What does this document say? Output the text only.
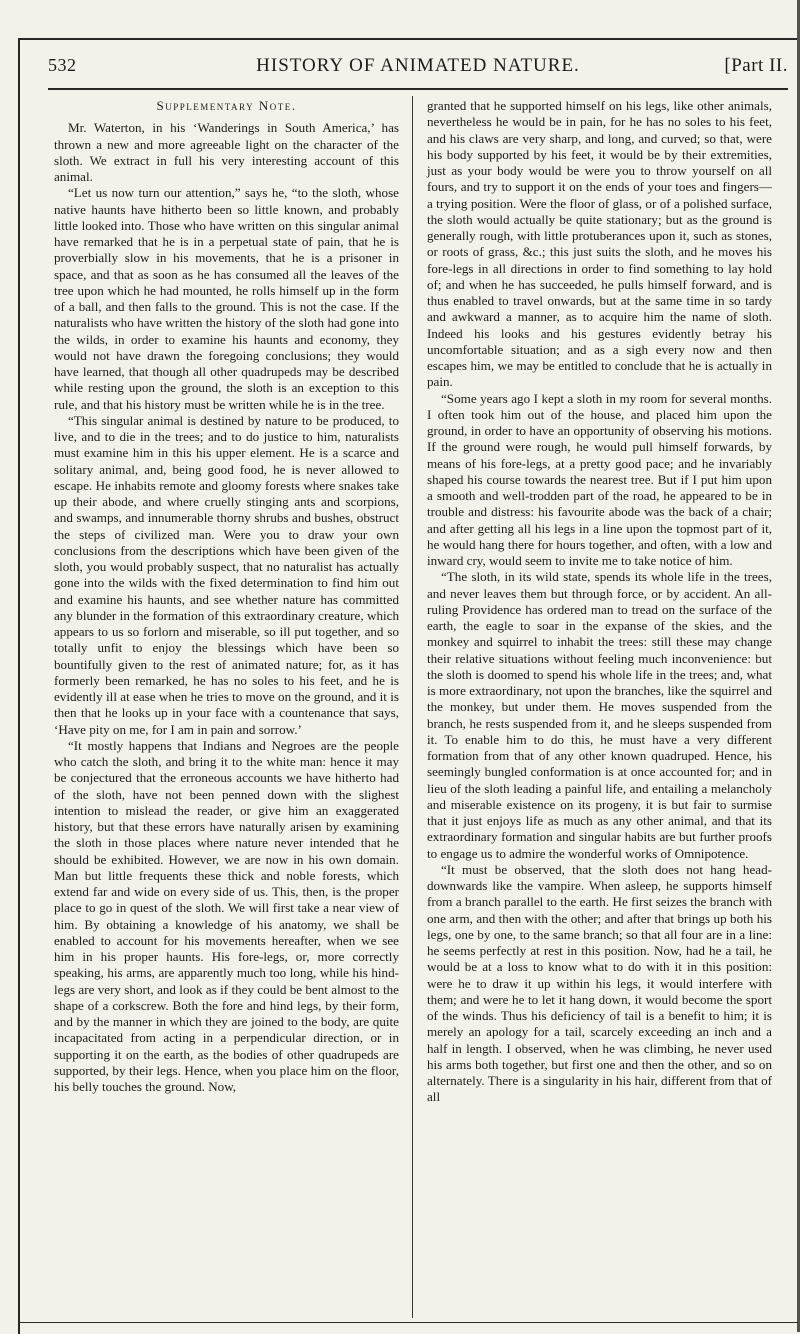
532	HISTORY OF ANIMATED NATURE.	[Part II.
Supplementary Note.

Mr. Waterton, in his ‘Wanderings in South America,’ has thrown a new and more agreeable light on the character of the sloth. We extract in full his very interesting account of this animal.

“Let us now turn our attention,” says he, “to the sloth, whose native haunts have hitherto been so little known, and probably little looked into. Those who have written on this singular animal have remarked that he is in a perpetual state of pain, that he is proverbially slow in his movements, that he is a prisoner in space, and that as soon as he has consumed all the leaves of the tree upon which he had mounted, he rolls himself up in the form of a ball, and then falls to the ground. This is not the case. If the naturalists who have written the history of the sloth had gone into the wilds, in order to examine his haunts and economy, they would not have drawn the foregoing conclusions; they would have learned, that though all other quadrupeds may be described while resting upon the ground, the sloth is an exception to this rule, and that his history must be written while he is in the tree.

“This singular animal is destined by nature to be produced, to live, and to die in the trees; and to do justice to him, naturalists must examine him in this his upper element. He is a scarce and solitary animal, and, being good food, he is never allowed to escape. He inhabits remote and gloomy forests where snakes take up their abode, and where cruelly stinging ants and scorpions, and swamps, and innumerable thorny shrubs and bushes, obstruct the steps of civilized man. Were you to draw your own conclusions from the descriptions which have been given of the sloth, you would probably suspect, that no naturalist has actually gone into the wilds with the fixed determination to find him out and examine his haunts, and see whether nature has committed any blunder in the formation of this extraordinary creature, which appears to us so forlorn and miserable, so ill put together, and so totally unfit to enjoy the blessings which have been so bountifully given to the rest of animated nature; for, as it has formerly been remarked, he has no soles to his feet, and he is evidently ill at ease when he tries to move on the ground, and it is then that he looks up in your face with a countenance that says, ‘Have pity on me, for I am in pain and sorrow.’

“It mostly happens that Indians and Negroes are the people who catch the sloth, and bring it to the white man: hence it may be conjectured that the erroneous accounts we have hitherto had of the sloth, have not been penned down with the slighest intention to mislead the reader, or give him an exaggerated history, but that these errors have naturally arisen by examining the sloth in those places where nature never intended that he should be exhibited. However, we are now in his own domain. Man but little frequents these thick and noble forests, which extend far and wide on every side of us. This, then, is the proper place to go in quest of the sloth. We will first take a near view of him. By obtaining a knowledge of his anatomy, we shall be enabled to account for his movements hereafter, when we see him in his proper haunts. His fore-legs, or, more correctly speaking, his arms, are apparently much too long, while his hind-legs are very short, and look as if they could be bent almost to the shape of a corkscrew. Both the fore and hind legs, by their form, and by the manner in which they are joined to the body, are quite incapacitated from acting in a perpendicular direction, or in supporting it on the earth, as the bodies of other quadrupeds are supported, by their legs. Hence, when you place him on the floor, his belly touches the ground. Now,

granted that he supported himself on his legs, like other animals, nevertheless he would be in pain, for he has no soles to his feet, and his claws are very sharp, and long, and curved; so that, were his body supported by his feet, it would be by their extremities, just as your body would be were you to throw yourself on all fours, and try to support it on the ends of your toes and fingers—a trying position. Were the floor of glass, or of a polished surface, the sloth would actually be quite stationary; but as the ground is generally rough, with little protuberances upon it, such as stones, or roots of grass, &c.; this just suits the sloth, and he moves his fore-legs in all directions in order to find something to lay hold of; and when he has succeeded, he pulls himself forward, and is thus enabled to travel onwards, but at the same time in so tardy and awkward a manner, as to acquire him the name of sloth. Indeed his looks and his gestures evidently betray his uncomfortable situation; and as a sigh every now and then escapes him, we may be entitled to conclude that he is actually in pain.

“Some years ago I kept a sloth in my room for several months. I often took him out of the house, and placed him upon the ground, in order to have an opportunity of observing his motions. If the ground were rough, he would pull himself forwards, by means of his fore-legs, at a pretty good pace; and he invariably shaped his course towards the nearest tree. But if I put him upon a smooth and well-trodden part of the road, he appeared to be in trouble and distress: his favourite abode was the back of a chair; and after getting all his legs in a line upon the topmost part of it, he would hang there for hours together, and often, with a low and inward cry, would seem to invite me to take notice of him.

“The sloth, in its wild state, spends its whole life in the trees, and never leaves them but through force, or by accident. An all-ruling Providence has ordered man to tread on the surface of the earth, the eagle to soar in the expanse of the skies, and the monkey and squirrel to inhabit the trees: still these may change their relative situations without feeling much inconvenience: but the sloth is doomed to spend his whole life in the trees; and, what is more extraordinary, not upon the branches, like the squirrel and the monkey, but under them. He moves suspended from the branch, he rests suspended from it, and he sleeps suspended from it. To enable him to do this, he must have a very different formation from that of any other known quadruped. Hence, his seemingly bungled conformation is at once accounted for; and in lieu of the sloth leading a painful life, and entailing a melancholy and miserable existence on its progeny, it is but fair to surmise that it just enjoys life as much as any other animal, and that its extraordinary formation and singular habits are but further proofs to engage us to admire the wonderful works of Omnipotence.

“It must be observed, that the sloth does not hang head-downwards like the vampire. When asleep, he supports himself from a branch parallel to the earth. He first seizes the branch with one arm, and then with the other; and after that brings up both his legs, one by one, to the same branch; so that all four are in a line: he seems perfectly at rest in this position. Now, had he a tail, he would be at a loss to know what to do with it in this position: were he to draw it up within his legs, it would interfere with them; and were he to let it hang down, it would become the sport of the winds. Thus his deficiency of tail is a benefit to him; it is merely an apology for a tail, scarcely exceeding an inch and a half in length. I observed, when he was climbing, he never used his arms both together, but first one and then the other, and so on alternately. There is a singularity in his hair, different from that of all
